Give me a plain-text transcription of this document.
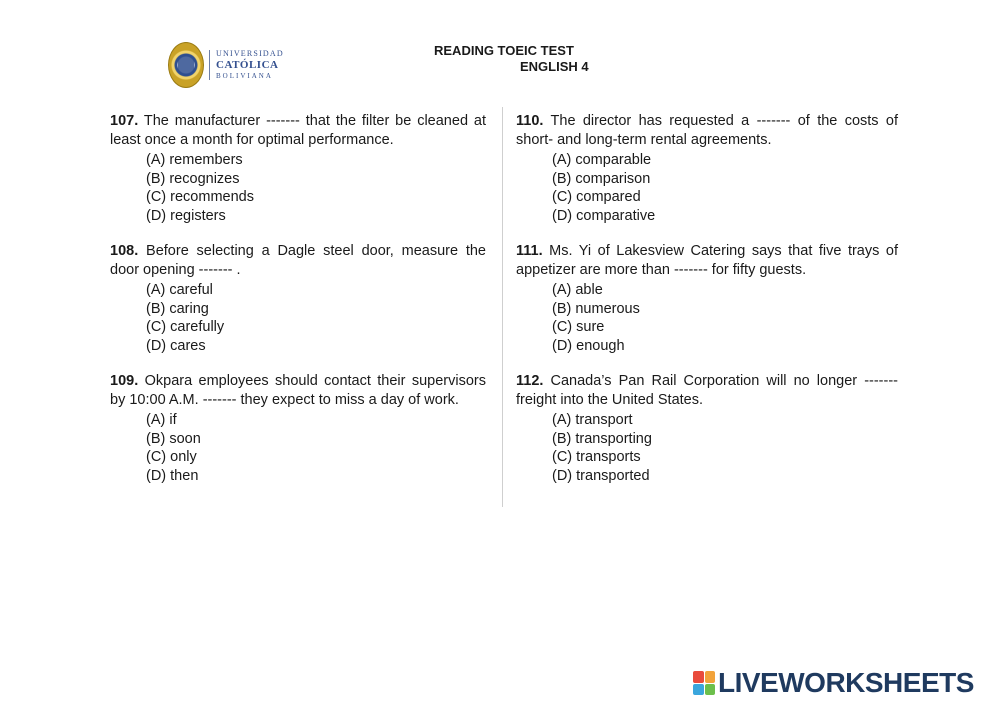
UNIVERSIDAD
CATÓLICA
BOLIVIANA
READING TOEIC TEST
ENGLISH 4

107. The manufacturer ------- that the filter be cleaned at least once a month for optimal performance.

(A) remembers
(B) recognizes
(C) recommends
(D) registers

108. Before selecting a Dagle steel door, measure the door opening ------- .

(A) careful
(B) caring
(C) carefully
(D) cares

109. Okpara employees should contact their supervisors by 10:00 A.M. ------- they expect to miss a day of work.

(A) if
(B) soon
(C) only
(D) then

110. The director has requested a ------- of the costs of short- and long-term rental agreements.

(A) comparable
(B) comparison
(C) compared
(D) comparative

111. Ms. Yi of Lakesview Catering says that five trays of appetizer are more than ------- for fifty guests.

(A) able
(B) numerous
(C) sure
(D) enough

112. Canada’s Pan Rail Corporation will no longer ------- freight into the United States.

(A) transport
(B) transporting
(C) transports
(D) transported
LIVEWORKSHEETS
